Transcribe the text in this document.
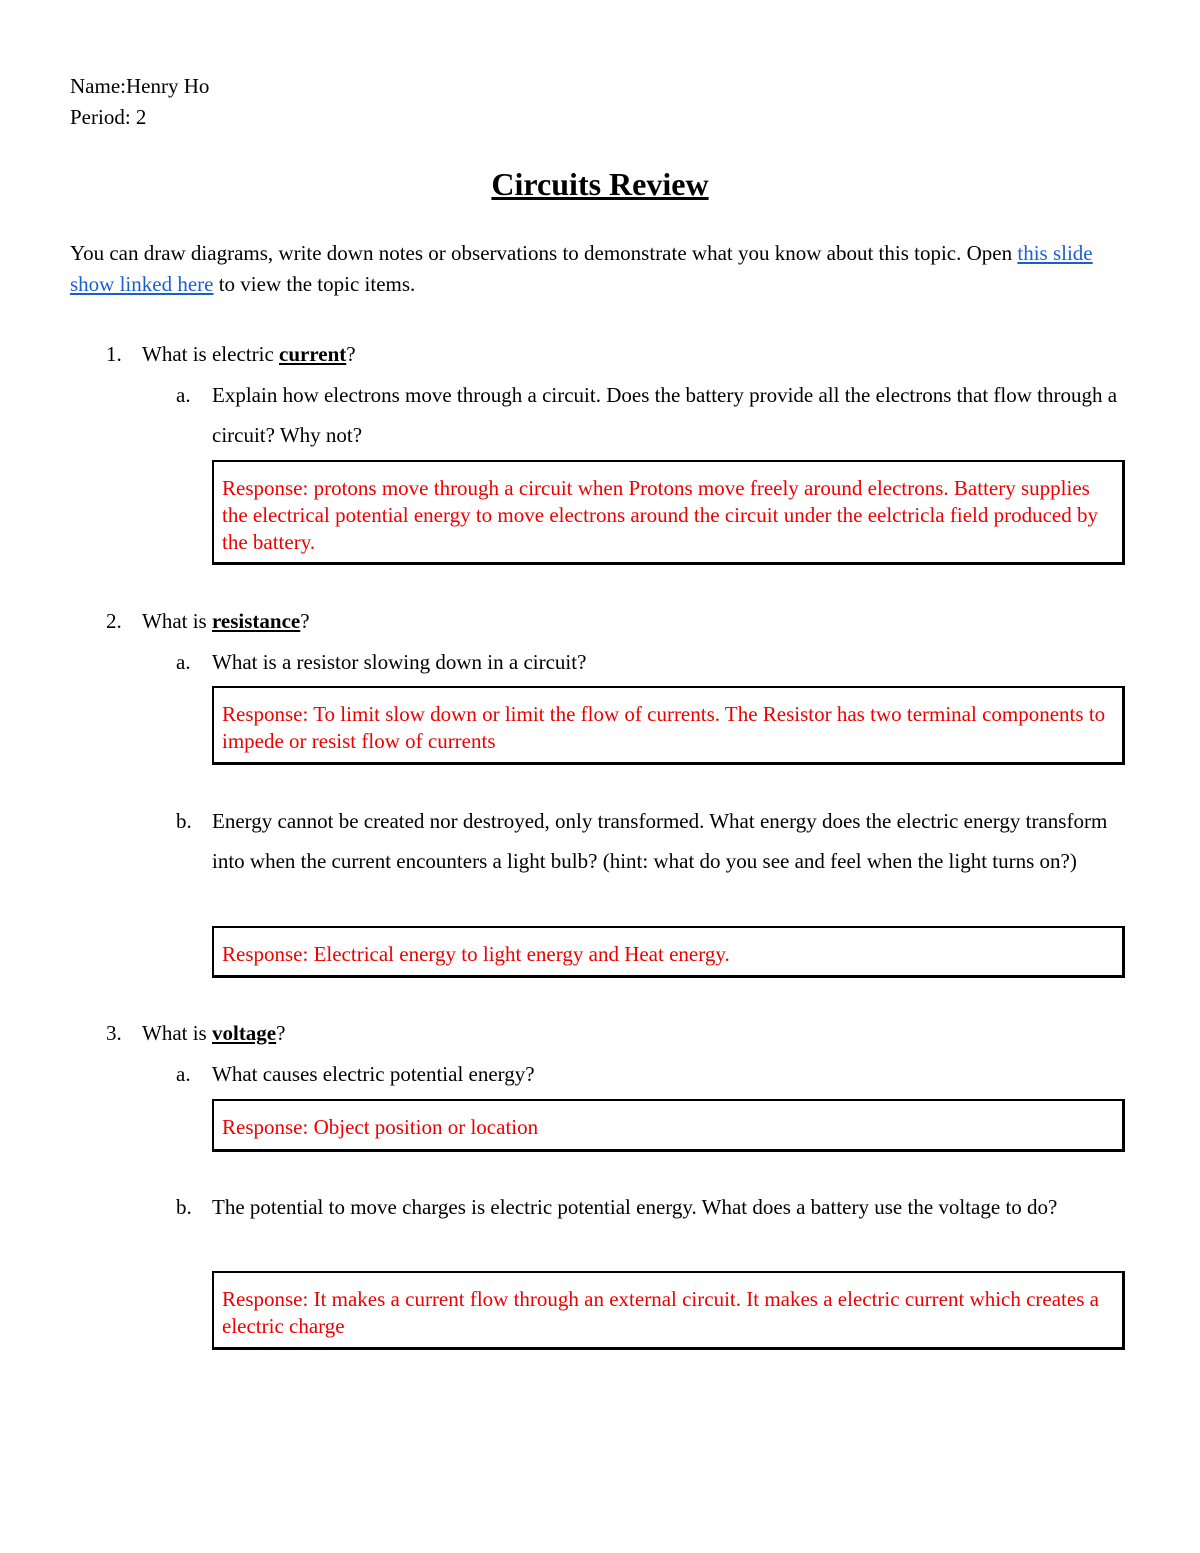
Name:Henry Ho
Period: 2
Circuits Review
You can draw diagrams, write down notes or observations to demonstrate what you know about this topic. Open this slide show linked here to view the topic items.
1. What is electric current?
a. Explain how electrons move through a circuit. Does the battery provide all the electrons that flow through a circuit? Why not?
Response: protons move through a circuit when Protons move freely around electrons. Battery supplies the electrical potential energy to move electrons around the circuit under the eelctricla field produced by the battery.
2. What is resistance?
a. What is a resistor slowing down in a circuit?
Response: To limit slow down or limit the flow of currents. The Resistor has two terminal components to impede or resist flow of currents
b. Energy cannot be created nor destroyed, only transformed. What energy does the electric energy transform into when the current encounters a light bulb? (hint: what do you see and feel when the light turns on?)
Response: Electrical energy to light energy and Heat energy.
3. What is voltage?
a. What causes electric potential energy?
Response: Object position or location
b. The potential to move charges is electric potential energy. What does a battery use the voltage to do?
Response: It makes a current flow through an external circuit. It makes a electric current which creates a electric charge
